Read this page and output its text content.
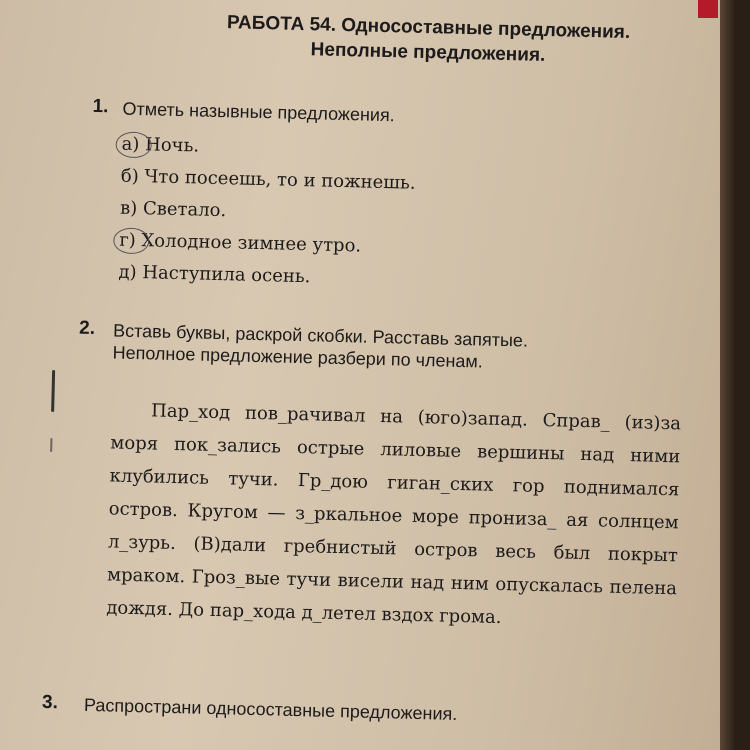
РАБОТА 54. Односоставные предложения.
Неполные предложения.
1. Отметь назывные предложения.
а) Ночь.
б) Что посеешь, то и пожнешь.
в) Светало.
г) Холодное зимнее утро.
д) Наступила осень.
2. Вставь буквы, раскрой скобки. Расставь запятые.
Неполное предложение разбери по членам.

Пар_ход пов_рачивал на (юго)запад. Справ_ (из)за моря пок_зались острые лиловые вершины над ними клубились тучи. Гр_дою гиган_ских гор поднимался остров. Кругом — з_ркальное море прониза_ ая солнцем л_зурь. (В)дали гребнистый остров весь был покрыт мраком. Гроз_вые тучи висели над ним опускалась пелена дождя. До пар_хода д_летел вздох грома.

3. Распространи односоставные предложения.
